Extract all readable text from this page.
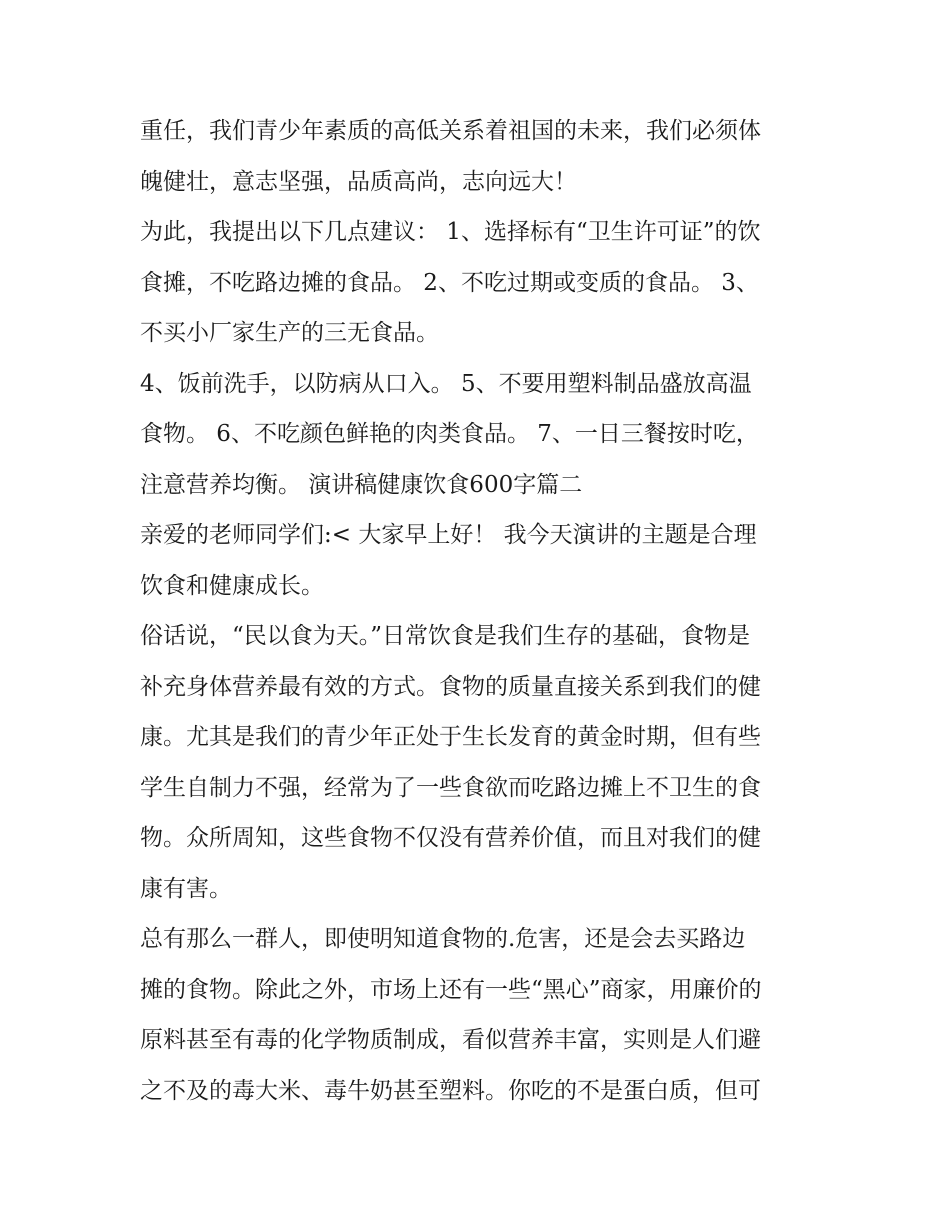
重任，我们青少年素质的高低关系着祖国的未来，我们必须体
魄健壮，意志坚强，品质高尚，志向远大！
为此，我提出以下几点建议： 1、选择标有“卫生许可证”的饮
食摊，不吃路边摊的食品。 2、不吃过期或变质的食品。 3、
不买小厂家生产的三无食品。
4、饭前洗手，以防病从口入。 5、不要用塑料制品盛放高温
食物。 6、不吃颜色鲜艳的肉类食品。 7、一日三餐按时吃，
注意营养均衡。 演讲稿健康饮食600字篇二
亲爱的老师同学们:< 大家早上好！ 我今天演讲的主题是合理
饮食和健康成长。
俗话说，“民以食为天。”日常饮食是我们生存的基础，食物是
补充身体营养最有效的方式。食物的质量直接关系到我们的健
康。尤其是我们的青少年正处于生长发育的黄金时期，但有些
学生自制力不强，经常为了一些食欲而吃路边摊上不卫生的食
物。众所周知，这些食物不仅没有营养价值，而且对我们的健
康有害。
总有那么一群人，即使明知道食物的.危害，还是会去买路边
摊的食物。除此之外，市场上还有一些“黑心”商家，用廉价的
原料甚至有毒的化学物质制成，看似营养丰富，实则是人们避
之不及的毒大米、毒牛奶甚至塑料。你吃的不是蛋白质，但可
